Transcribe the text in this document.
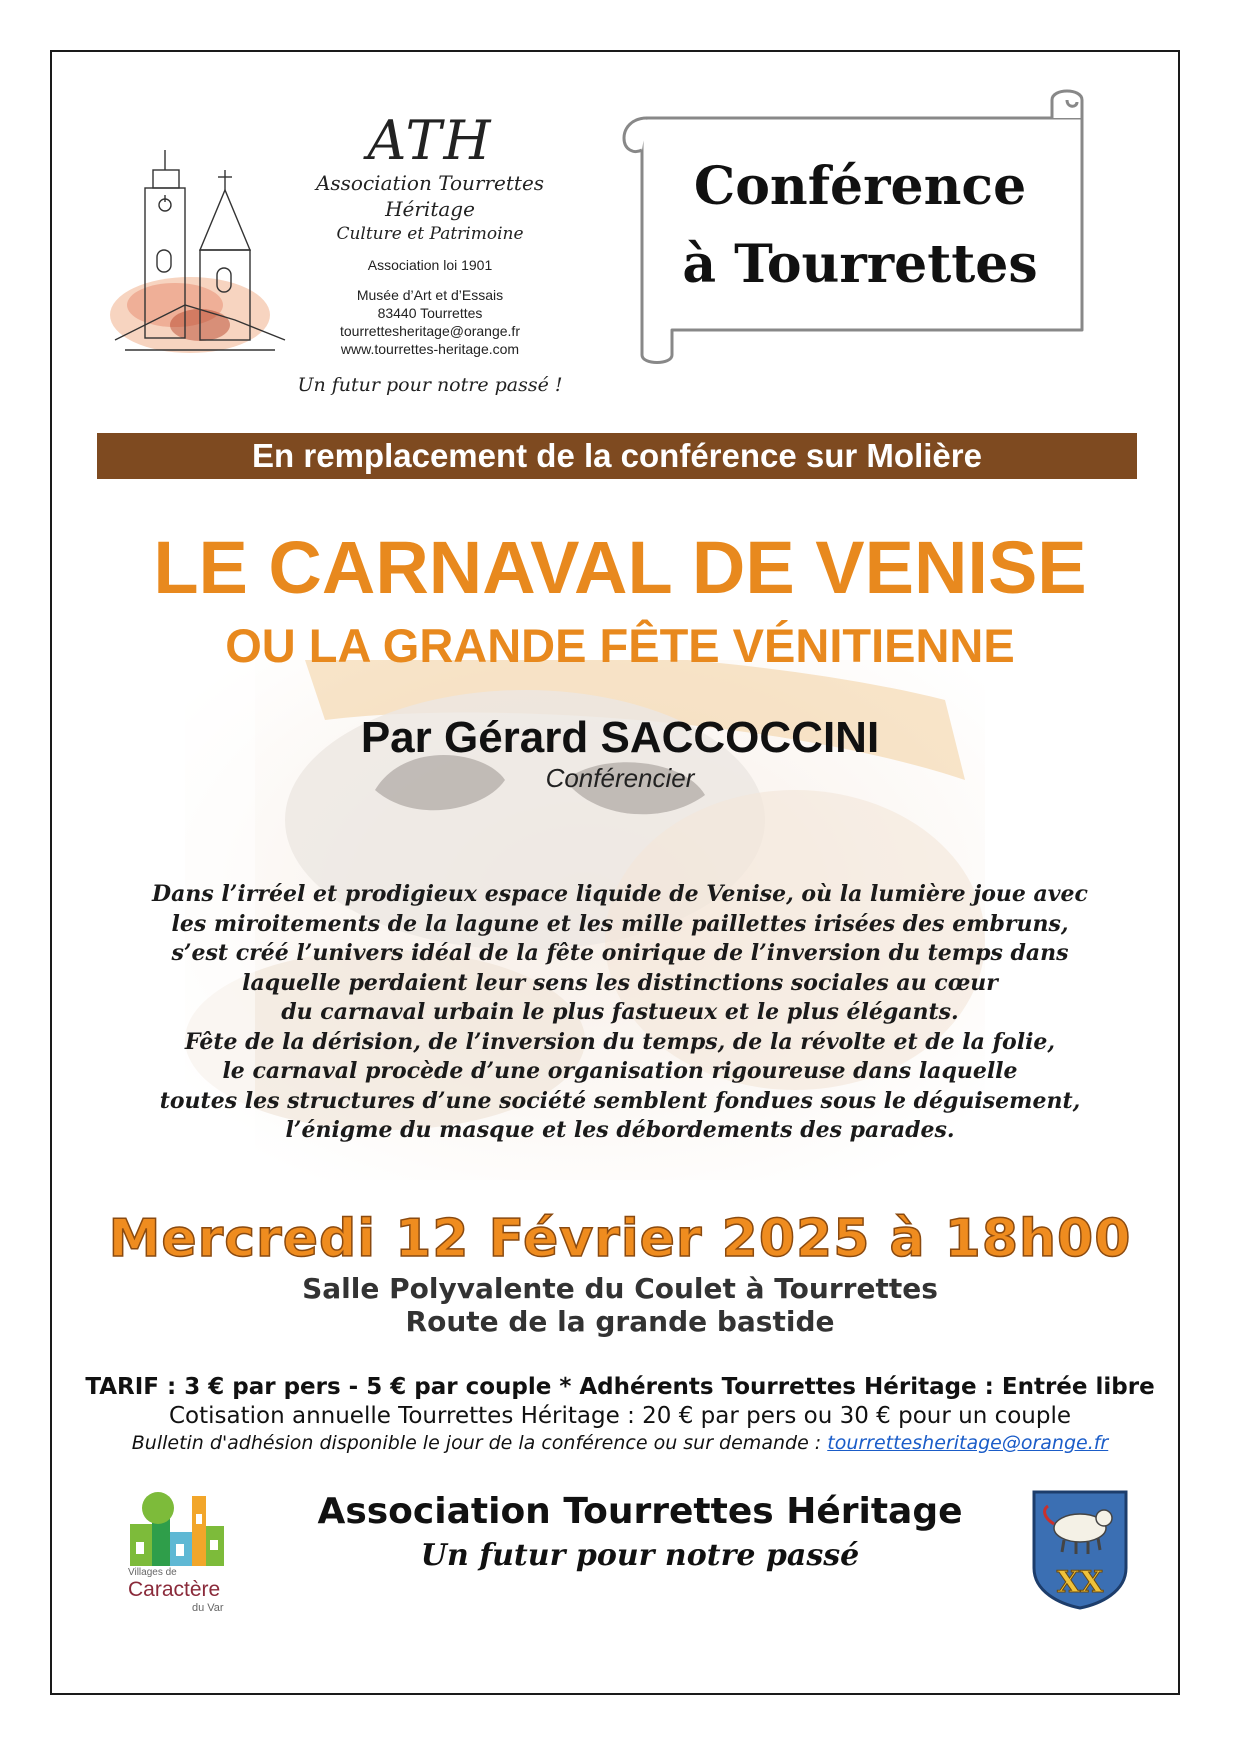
ATH
Association Tourrettes Héritage
Culture et Patrimoine
Association loi 1901
Musée d’Art et d’Essais
83440 Tourrettes
tourrettesheritage@orange.fr
www.tourrettes-heritage.com
Un futur pour notre passé !
Conférence
à Tourrettes
En remplacement de la conférence sur Molière
LE CARNAVAL DE VENISE
OU LA GRANDE FÊTE VÉNITIENNE
Par Gérard SACCOCCINI
Conférencier
Dans l’irréel et prodigieux espace liquide de Venise, où la lumière joue avec
les miroitements de la lagune et les mille paillettes irisées des embruns,
s’est créé l’univers idéal de la fête onirique de l’inversion du temps dans
laquelle perdaient leur sens les distinctions sociales au cœur
du carnaval urbain le plus fastueux et le plus élégants.
Fête de la dérision, de l’inversion du temps, de la révolte et de la folie,
le carnaval procède d’une organisation rigoureuse dans laquelle
toutes les structures d’une société semblent fondues sous le déguisement,
l’énigme du masque et les débordements des parades.
Mercredi 12 Février 2025 à 18h00
Salle Polyvalente du Coulet à Tourrettes
Route de la grande bastide
TARIF : 3 € par pers - 5 € par couple * Adhérents Tourrettes Héritage : Entrée libre
Cotisation annuelle Tourrettes Héritage : 20 € par pers ou 30 € pour un couple
Bulletin d'adhésion disponible le jour de la conférence ou sur demande : tourrettesheritage@orange.fr
Villages de
Caractère
du Var
Association Tourrettes Héritage
Un futur pour notre passé
XX
